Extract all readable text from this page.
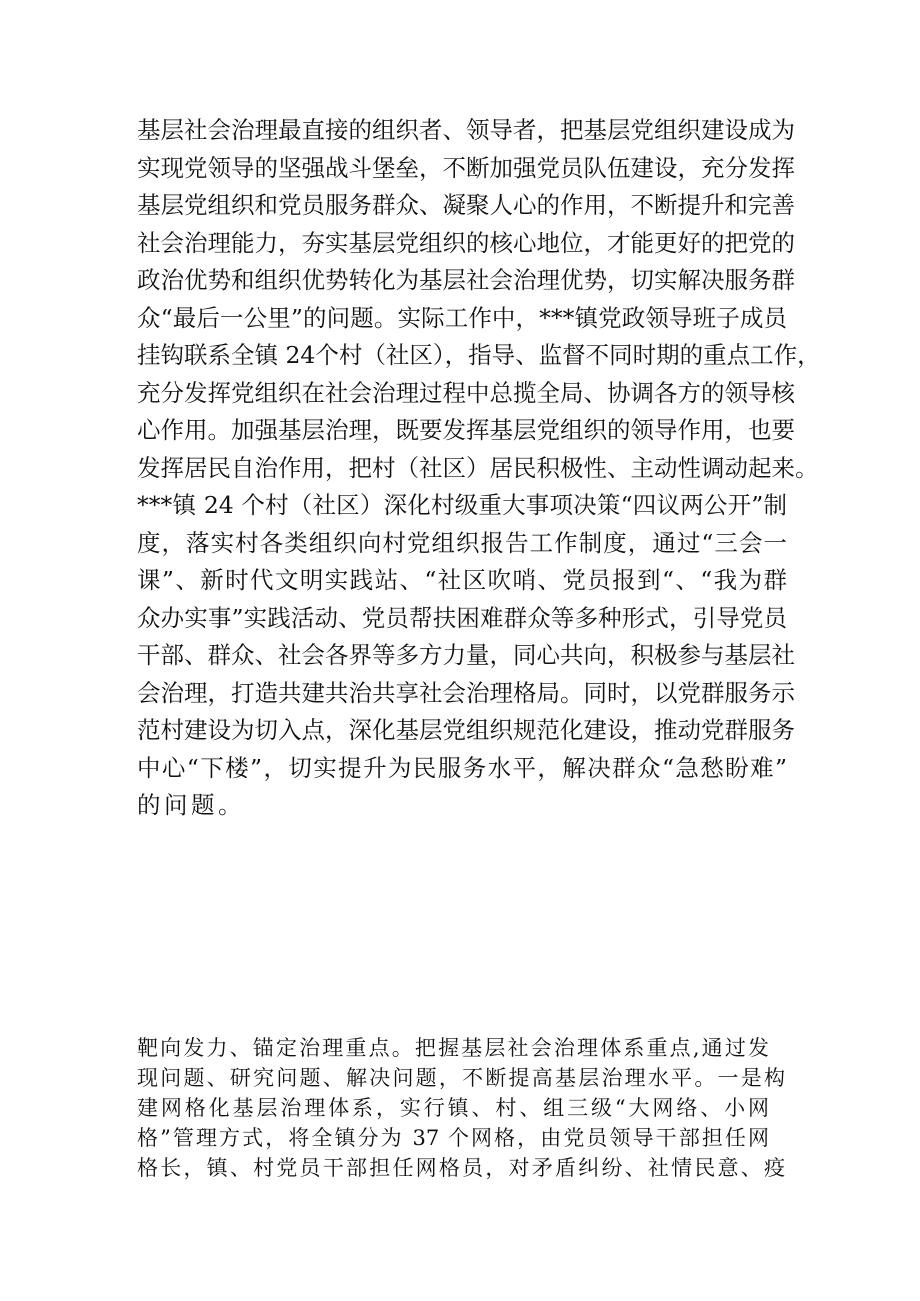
基层社会治理最直接的组织者、领导者，把基层党组织建设成为
实现党领导的坚强战斗堡垒，不断加强党员队伍建设，充分发挥
基层党组织和党员服务群众、凝聚人心的作用，不断提升和完善
社会治理能力，夯实基层党组织的核心地位，才能更好的把党的
政治优势和组织优势转化为基层社会治理优势，切实解决服务群
众“最后一公里”的问题。实际工作中，***镇党政领导班子成员
挂钩联系全镇 24个村（社区），指导、监督不同时期的重点工作，
充分发挥党组织在社会治理过程中总揽全局、协调各方的领导核
心作用。加强基层治理，既要发挥基层党组织的领导作用，也要
发挥居民自治作用，把村（社区）居民积极性、主动性调动起来。
***镇 24 个村（社区）深化村级重大事项决策“四议两公开”制
度，落实村各类组织向村党组织报告工作制度，通过“三会一
课”、新时代文明实践站、“社区吹哨、党员报到“、“我为群
众办实事”实践活动、党员帮扶困难群众等多种形式，引导党员
干部、群众、社会各界等多方力量，同心共向，积极参与基层社
会治理，打造共建共治共享社会治理格局。同时，以党群服务示
范村建设为切入点，深化基层党组织规范化建设，推动党群服务
中心“下楼”，切实提升为民服务水平，解决群众“急愁盼难”
的问题。
靶向发力、锚定治理重点。把握基层社会治理体系重点,通过发
现问题、研究问题、解决问题，不断提高基层治理水平。一是构
建网格化基层治理体系，实行镇、村、组三级“大网络、小网
格”管理方式，将全镇分为 37 个网格，由党员领导干部担任网
格长，镇、村党员干部担任网格员，对矛盾纠纷、社情民意、疫
